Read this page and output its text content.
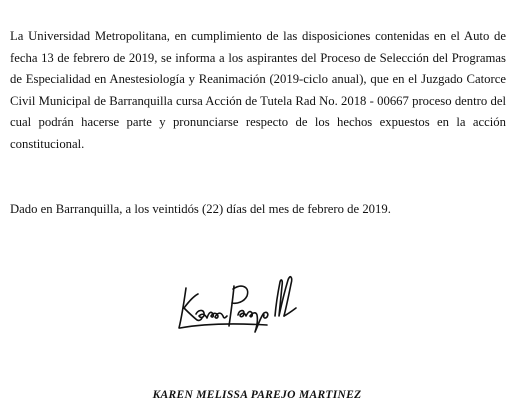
La Universidad Metropolitana, en cumplimiento de las disposiciones contenidas en el Auto de fecha 13 de febrero de 2019, se informa a los aspirantes del Proceso de Selección del Programas de Especialidad en Anestesiología y Reanimación (2019-ciclo anual), que en el Juzgado Catorce Civil Municipal de Barranquilla cursa Acción de Tutela Rad No. 2018 - 00667 proceso dentro del cual podrán hacerse parte y pronunciarse respecto de los hechos expuestos en la acción constitucional.

Dado en Barranquilla, a los veintidós (22) días del mes de febrero de 2019.

KAREN MELISSA PAREJO MARTINEZ
